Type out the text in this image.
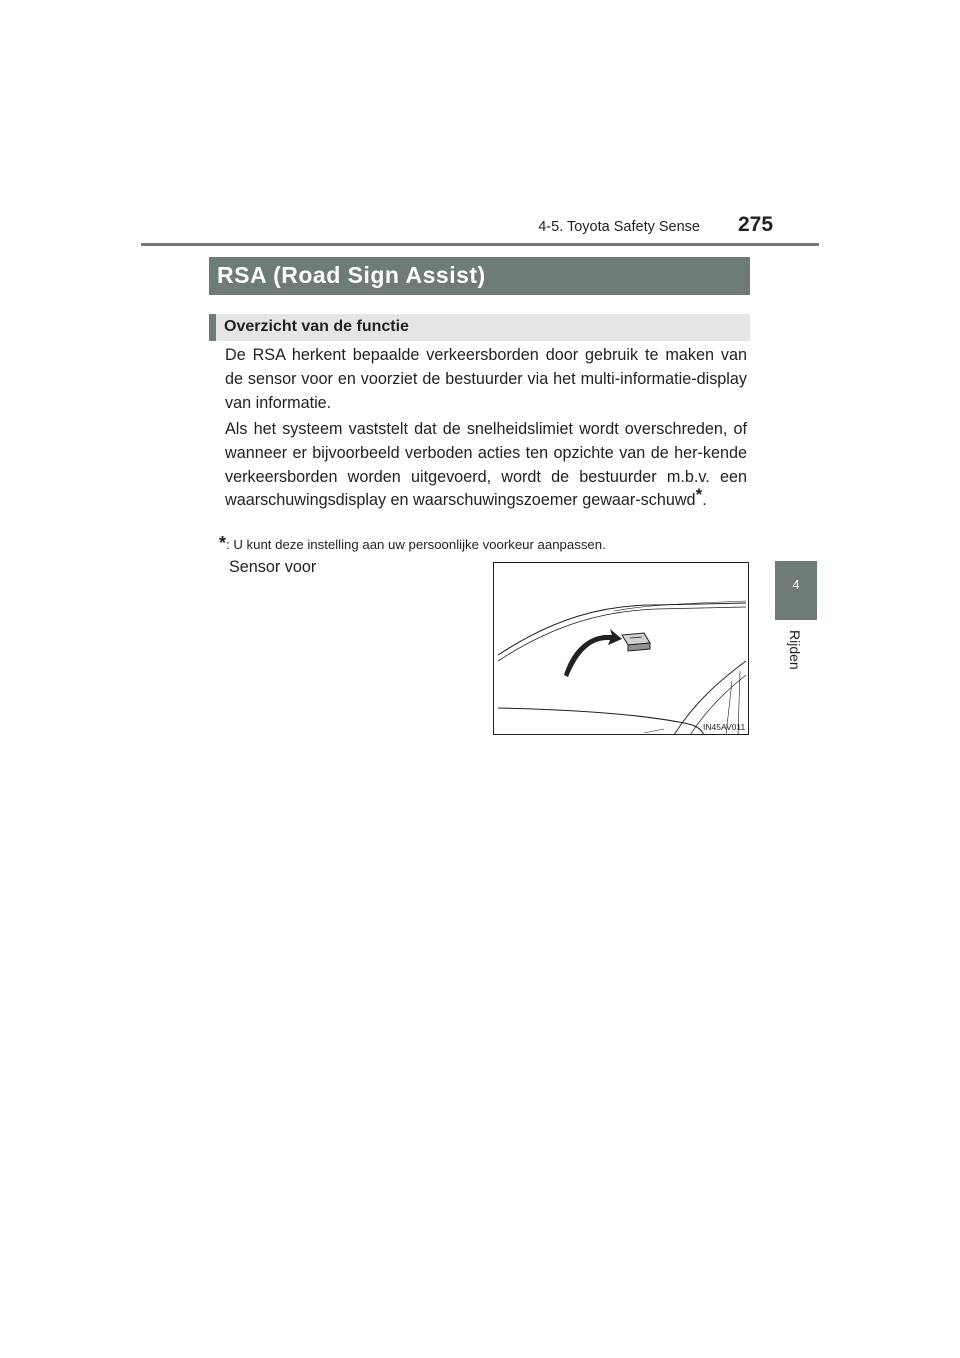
4-5. Toyota Safety Sense 275
4
Rijden
RSA (Road Sign Assist)
Overzicht van de functie
De RSA herkent bepaalde verkeersborden door gebruik te maken van de sensor voor en voorziet de bestuurder via het multi-informatie-display van informatie.
Als het systeem vaststelt dat de snelheidslimiet wordt overschreden, of wanneer er bijvoorbeeld verboden acties ten opzichte van de her-kende verkeersborden worden uitgevoerd, wordt de bestuurder m.b.v. een waarschuwingsdisplay en waarschuwingszoemer gewaar-schuwd*.
*: U kunt deze instelling aan uw persoonlijke voorkeur aanpassen.
Sensor voor
IN45AV011
